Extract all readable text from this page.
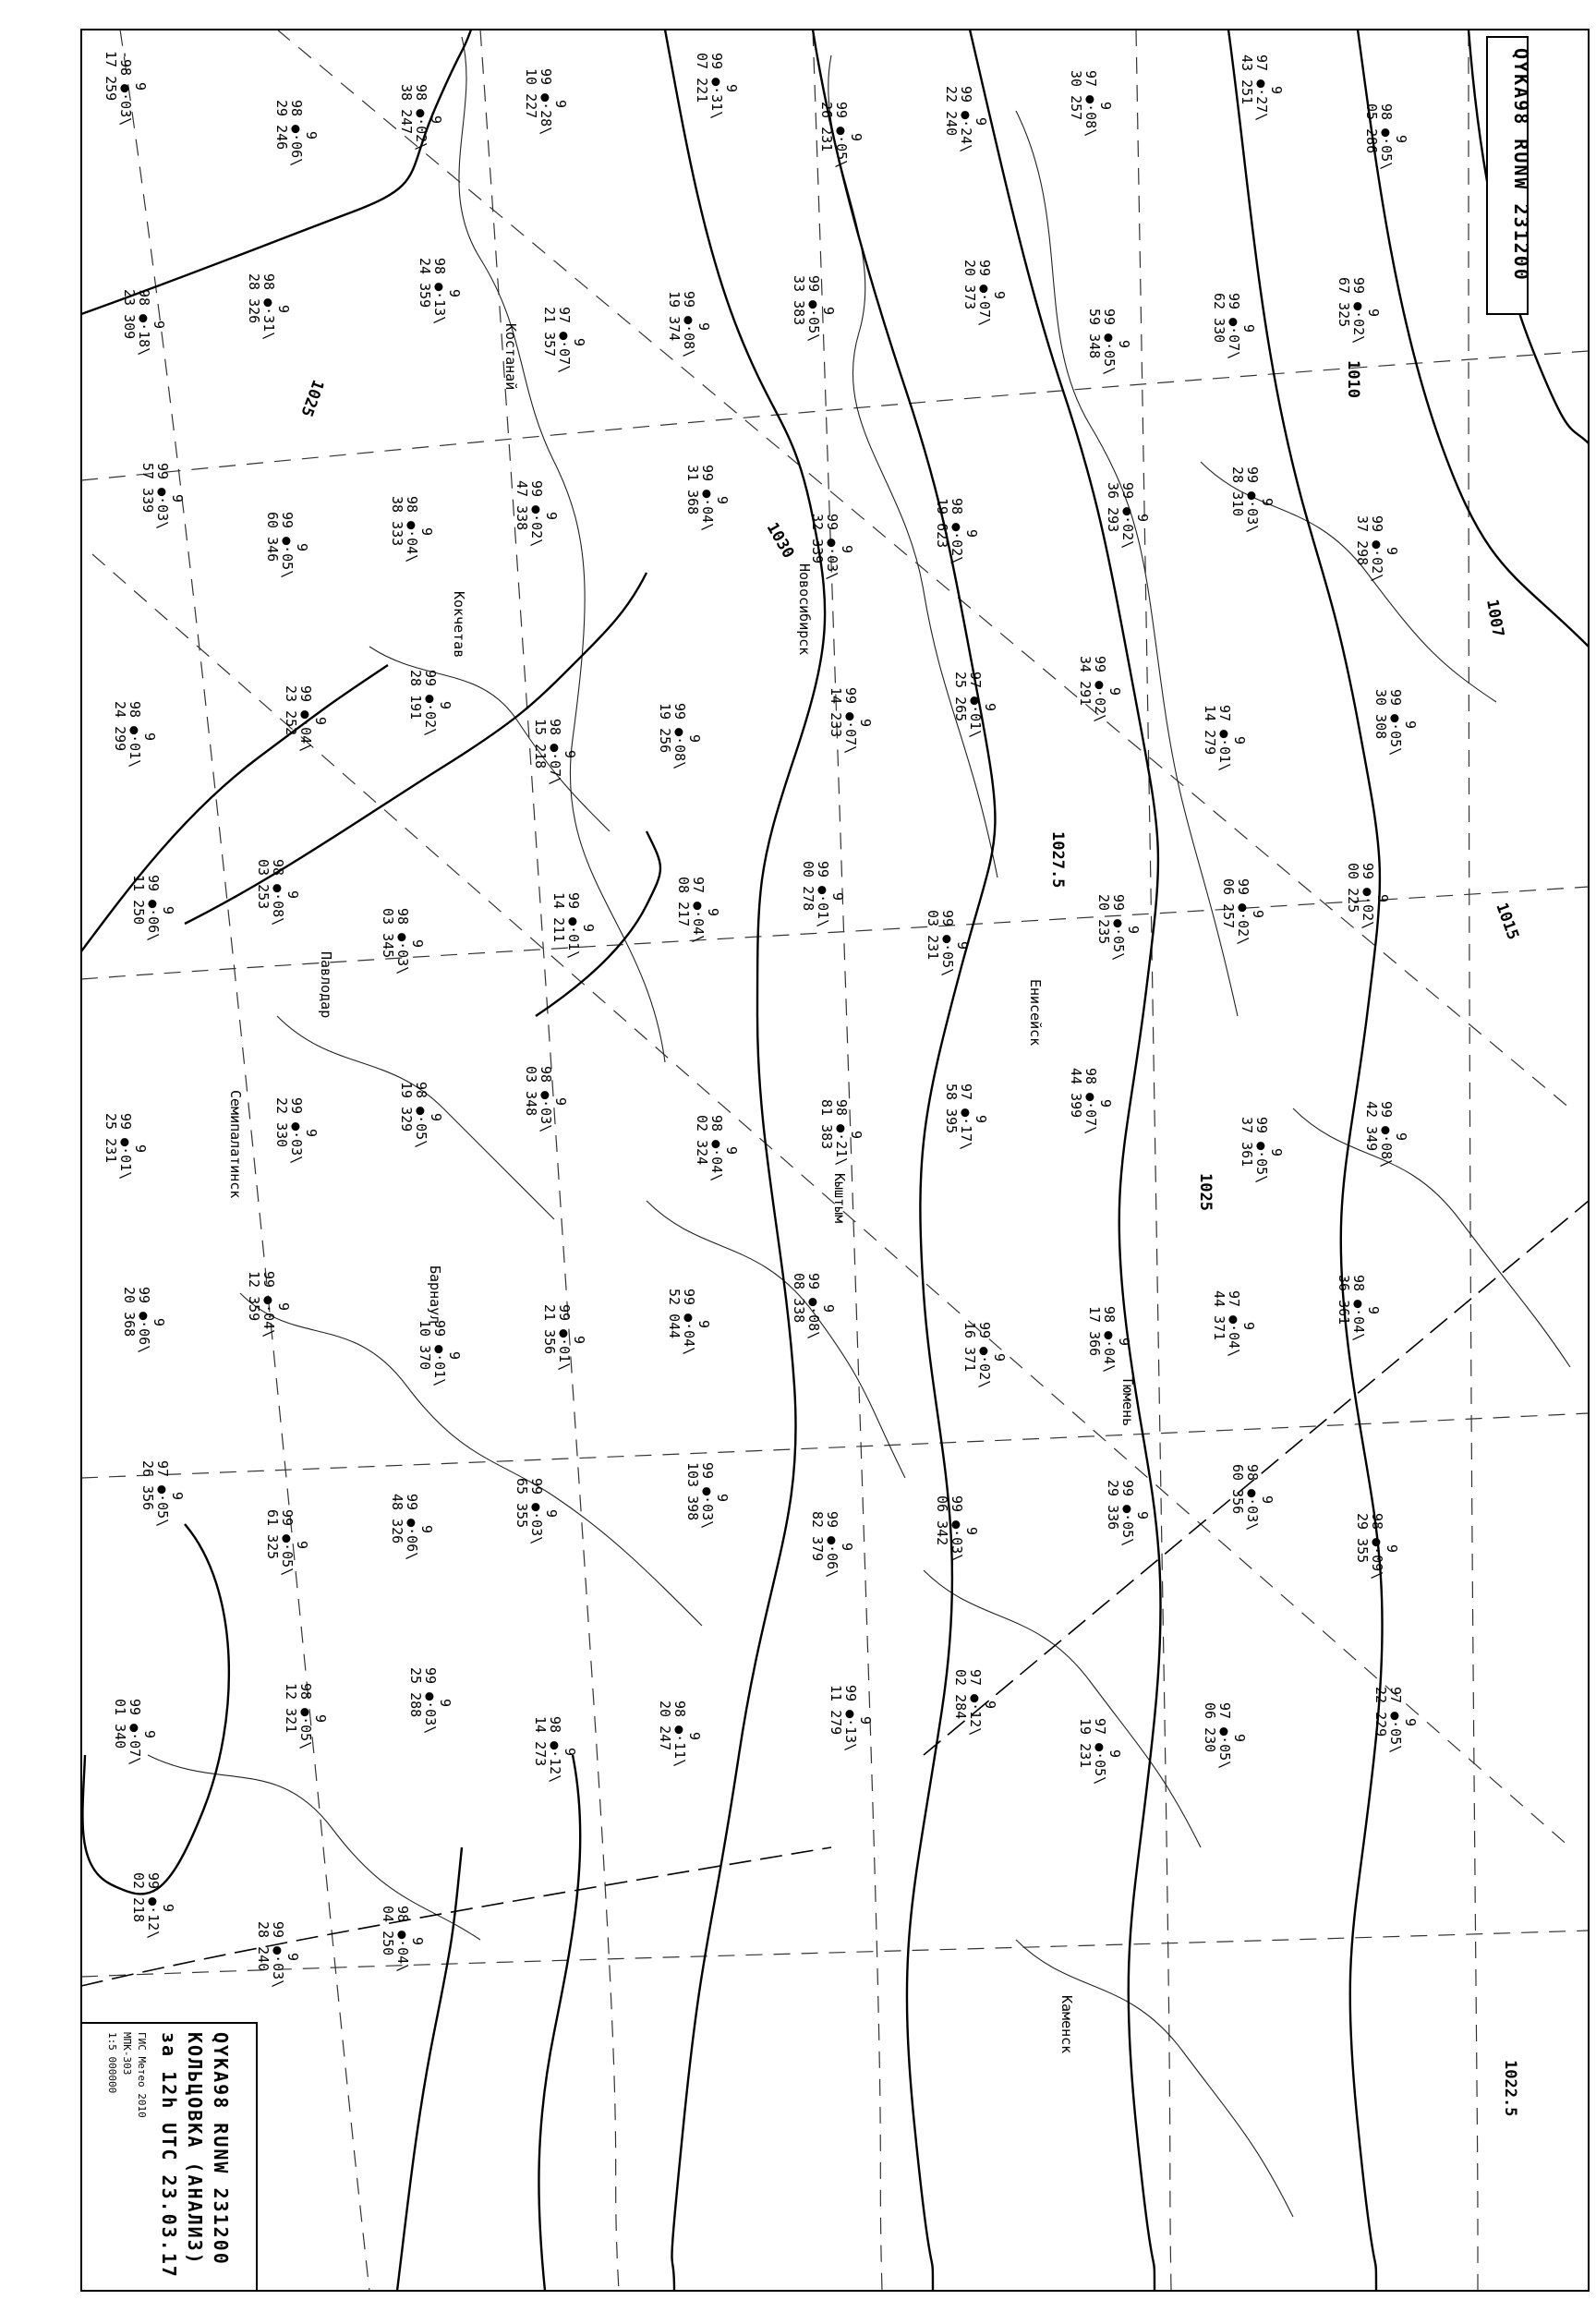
QYKA98 RUNW 231200
QYKA98 RUNW 231200
КОЛЬЦОВКА (АНАЛИЗ)
за 12h UTC 23.03.17
ГИС Метео 2010
МПК-303
1:5 000000
1025
1030
1027.5
1025
1015
1010
1007
1022.5
Костанай
Кокчетав
Павлодар
Семипалатинск
Барнаул
Новосибирск
Каменск
Енисейск
Кыштым
Тюмень
17 259
-98 ●·03\
9
29 246
98 ●·06\
9
38 247
98 ●·02\
9
10 227
99 ●·28\
9
07 221
99 ●·31\
9
26 231
99 ●·05\
9
22 240
99 ●·24\
9
30 257
97 ●·08\
9
43 251
97 ●·27\
9
05 286
98 ●·05\
9
23 309
98 ●·18\
9
28 326
98 ●·31\
9
24 359
98 ●·13\
9
21 357
97 ●·07\
9
19 374
99 ●·08\
9
33 383
99 ●·05\
9
20 373
99 ●·07\
9
59 348
99 ●·05\
9
62 330
99 ●·07\
9
67 325
99 ●·02\
9
57 339
99 ●·03\
9
60 346
99 ●·05\
9
38 333
98 ●·04\
9
47 338
99 ●·02\
9
31 368
99 ●·04\
9
32 339
99 ●·03\
9
19 623
98 ●·02\
9
36 293
99 ●·02\
9
28 310
99 ●·03\
9
37 298
99 ●·02\
9
24 299
98 ●·01\
9
23 252
99 ●·04\
9
28 191
99 ●·02\
9
15 218
98 ●·07\
9
19 256
99 ●·08\
9
14 233
99 ●·07\
9
25 265
97 ●·01\
9
34 291
99 ●·02\
9
14 279
97 ●·01\
9
30 308
99 ●·05\
9
11 250
99 ●·06\
9
03 253
98 ●·08\
9
03 345
98 ●·03\
9
14 211
99 ●·01\
9
08 217
97 ●·04\
9
00 278
99 ●·01\
9
03 231
99 ●·05\
9
20 235
99 ●·05\
9
06 257
99 ●·02\
9
00 225
99 ●·02\
9
25 231
99 ●·01\
9
22 330
99 ●·03\
9
19 329
98 ●·05\
9
03 348
98 ●·03\
9
02 324
98 ●·04\
9
81 383
98 ●·21\
9
58 395
97 ●·17\
9
44 399
98 ●·07\
9
37 361
99 ●·05\
9
42 349
99 ●·08\
9
20 368
99 ●·06\
9
12 359
99 ●·04\
9
10 370
99 ●·01\
9
21 356
99 ●·01\
9
52 044
99 ●·04\
9
08 338
99 ●·08\
9
16 371
99 ●·02\
9
17 366
98 ●·04\
9
44 371
97 ●·04\
9
36 361
98 ●·04\
9
26 356
97 ●·05\
9
61 325
99 ●·05\
9
48 326
99 ●·06\
9
65 355
99 ●·03\
9	103 398
99 ●·03\
9
82 379
99 ●·06\
9
06 342
99 ●·03\
9
29 336
99 ●·05\
9
60 356
98 ●·03\
9
29 355
98 ●·09\
9
01 340
99 ●·07\
9
12 321
98 ●·05\
9
25 288
99 ●·03\
9
14 273
98 ●·12\
9
20 247
98 ●·11\
9
11 279
99 ●·13\
9
02 284
97 ●·12\
9
19 231
97 ●·05\
9
06 230
97 ●·05\
9
22 229
97 ●·05\
9
02 218
99 ●·12\
9
28 240
99 ●·03\
9
04 250
98 ●·04\
9
